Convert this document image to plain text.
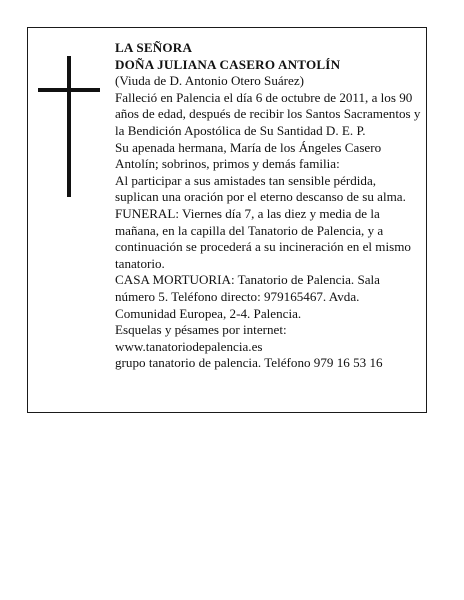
LA SEÑORA

DOÑA JULIANA CASERO ANTOLÍN

(Viuda de D. Antonio Otero Suárez)

Falleció en Palencia el día 6 de octubre de 2011, a los 90 años de edad, después de recibir los Santos Sacramentos y la Bendición Apostólica de Su Santidad D. E. P.

Su apenada hermana, María de los Ángeles Casero Antolín; sobrinos, primos y demás familia:

Al participar a sus amistades tan sensible pérdida, suplican una oración por el eterno descanso de su alma.

FUNERAL: Viernes día 7, a las diez y media de la mañana, en la capilla del Tanatorio de Palencia, y a continuación se procederá a su incineración en el mismo tanatorio.

CASA MORTUORIA: Tanatorio de Palencia. Sala número 5. Teléfono directo: 979165467. Avda. Comunidad Europea, 2-4. Palencia.

Esquelas y pésames por internet:

www.tanatoriodepalencia.es

grupo tanatorio de palencia. Teléfono 979 16 53 16
